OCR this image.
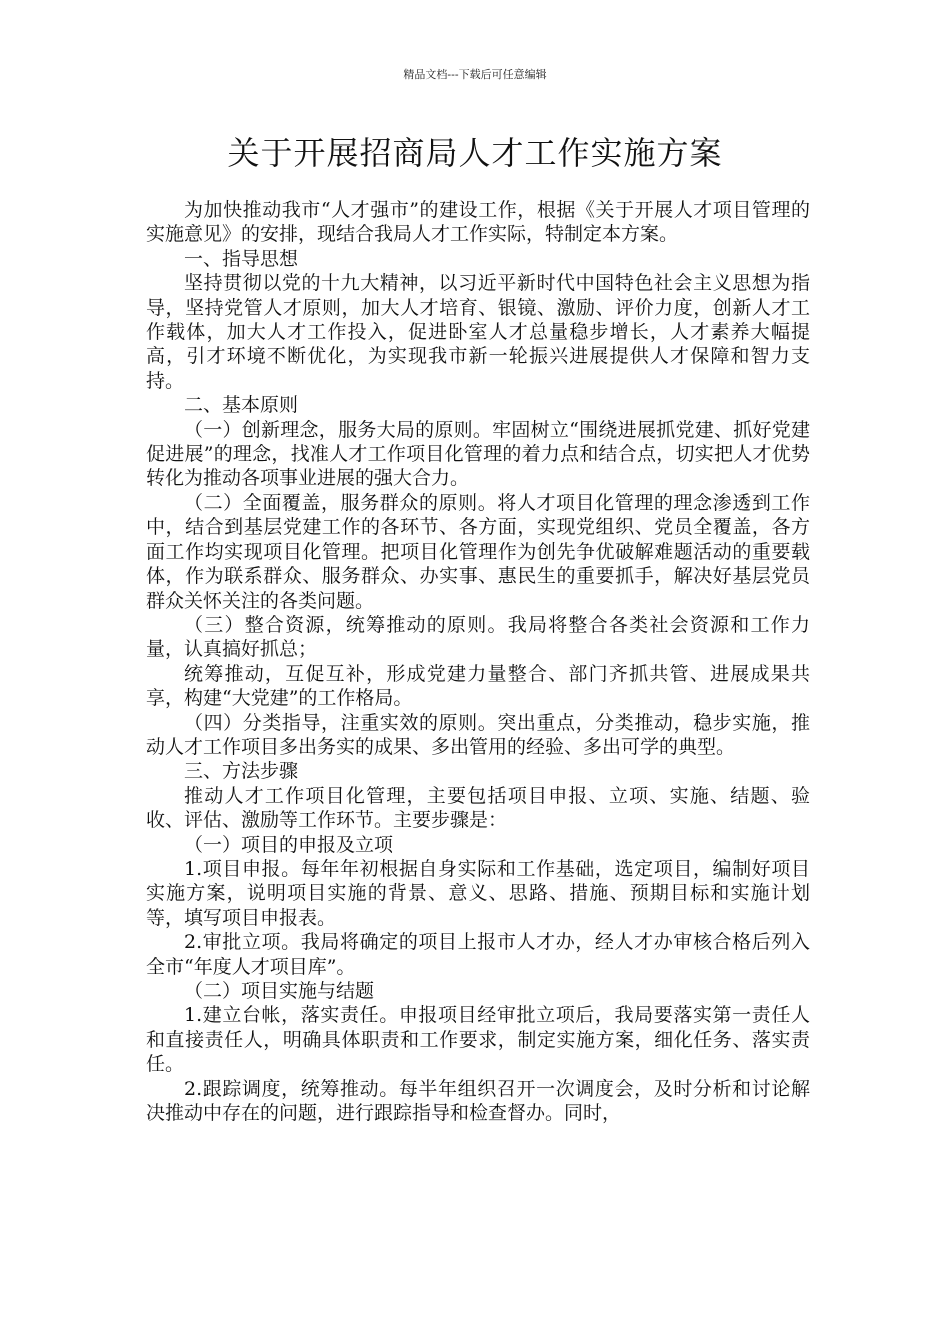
精品文档---下载后可任意编辑
关于开展招商局人才工作实施方案

为加快推动我市“人才强市”的建设工作，根据《关于开展人才项目管理的实施意见》的安排，现结合我局人才工作实际，特制定本方案。

一、指导思想

坚持贯彻以党的十九大精神，以习近平新时代中国特色社会主义思想为指导，坚持党管人才原则，加大人才培育、银镜、激励、评价力度，创新人才工作载体，加大人才工作投入，促进卧室人才总量稳步增长，人才素养大幅提高，引才环境不断优化，为实现我市新一轮振兴进展提供人才保障和智力支持。

二、基本原则

（一）创新理念，服务大局的原则。牢固树立“围绕进展抓党建、抓好党建促进展”的理念，找准人才工作项目化管理的着力点和结合点，切实把人才优势转化为推动各项事业进展的强大合力。

（二）全面覆盖，服务群众的原则。将人才项目化管理的理念渗透到工作中，结合到基层党建工作的各环节、各方面，实现党组织、党员全覆盖，各方面工作均实现项目化管理。把项目化管理作为创先争优破解难题活动的重要载体，作为联系群众、服务群众、办实事、惠民生的重要抓手，解决好基层党员群众关怀关注的各类问题。

（三）整合资源，统筹推动的原则。我局将整合各类社会资源和工作力量，认真搞好抓总；

统筹推动，互促互补，形成党建力量整合、部门齐抓共管、进展成果共享，构建“大党建”的工作格局。

（四）分类指导，注重实效的原则。突出重点，分类推动，稳步实施，推动人才工作项目多出务实的成果、多出管用的经验、多出可学的典型。

三、方法步骤

推动人才工作项目化管理，主要包括项目申报、立项、实施、结题、验收、评估、激励等工作环节。主要步骤是：

（一）项目的申报及立项

1.项目申报。每年年初根据自身实际和工作基础，选定项目，编制好项目实施方案，说明项目实施的背景、意义、思路、措施、预期目标和实施计划等，填写项目申报表。

2.审批立项。我局将确定的项目上报市人才办，经人才办审核合格后列入全市“年度人才项目库”。

（二）项目实施与结题

1.建立台帐，落实责任。申报项目经审批立项后，我局要落实第一责任人和直接责任人，明确具体职责和工作要求，制定实施方案，细化任务、落实责任。

2.跟踪调度，统筹推动。每半年组织召开一次调度会，及时分析和讨论解决推动中存在的问题，进行跟踪指导和检查督办。同时，
